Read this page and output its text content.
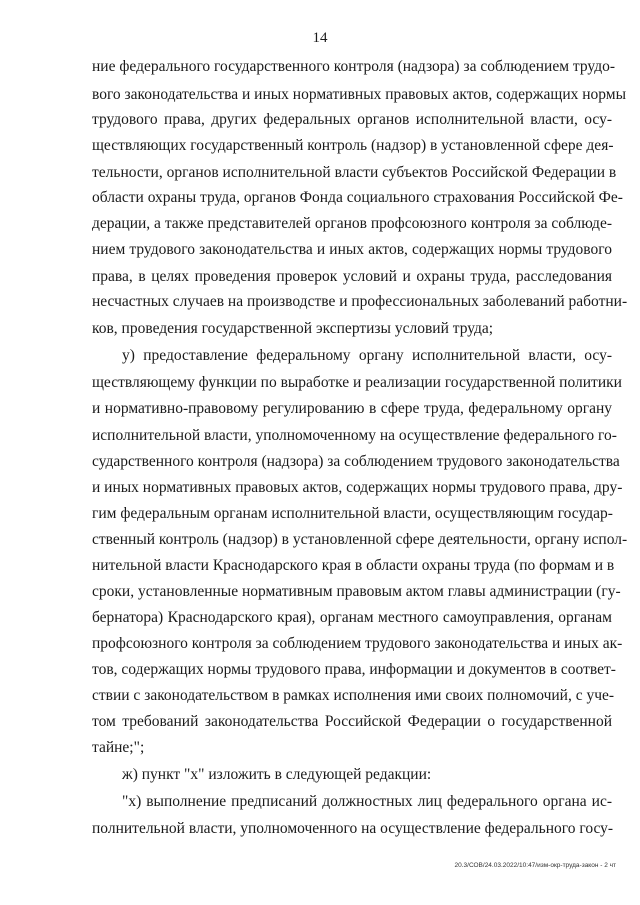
14
ние федерального государственного контроля (надзора) за соблюдением трудо-
вого законодательства и иных нормативных правовых актов, содержащих нормы
трудового права, других федеральных органов исполнительной власти, осу-
ществляющих государственный контроль (надзор) в установленной сфере дея-
тельности, органов исполнительной власти субъектов Российской Федерации в
области охраны труда, органов Фонда социального страхования Российской Фе-
дерации, а также представителей органов профсоюзного контроля за соблюде-
нием трудового законодательства и иных актов, содержащих нормы трудового
права, в целях проведения проверок условий и охраны труда, расследования
несчастных случаев на производстве и профессиональных заболеваний работни-
ков, проведения государственной экспертизы условий труда;
у) предоставление федеральному органу исполнительной власти, осу-
ществляющему функции по выработке и реализации государственной политики
и нормативно-правовому регулированию в сфере труда, федеральному органу
исполнительной власти, уполномоченному на осуществление федерального го-
сударственного контроля (надзора) за соблюдением трудового законодательства
и иных нормативных правовых актов, содержащих нормы трудового права, дру-
гим федеральным органам исполнительной власти, осуществляющим государ-
ственный контроль (надзор) в установленной сфере деятельности, органу испол-
нительной власти Краснодарского края в области охраны труда (по формам и в
сроки, установленные нормативным правовым актом главы администрации (гу-
бернатора) Краснодарского края), органам местного самоуправления, органам
профсоюзного контроля за соблюдением трудового законодательства и иных ак-
тов, содержащих нормы трудового права, информации и документов в соответ-
ствии с законодательством в рамках исполнения ими своих полномочий, с уче-
том требований законодательства Российской Федерации о государственной
тайне;";
ж) пункт "х" изложить в следующей редакции:
"х) выполнение предписаний должностных лиц федерального органа ис-
полнительной власти, уполномоченного на осуществление федерального госу-
20.3/СОВ/24.03.2022/10:47/изм-окр-труда-закон - 2 чт
